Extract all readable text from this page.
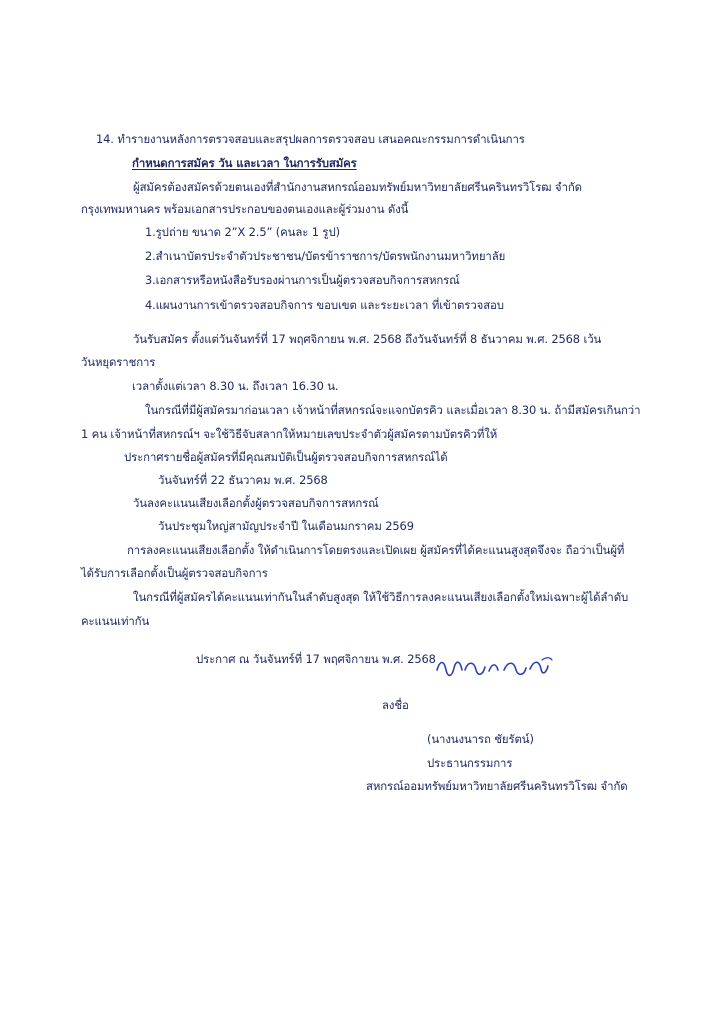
14. ทำรายงานหลังการตรวจสอบและสรุปผลการตรวจสอบ เสนอคณะกรรมการดำเนินการ
กำหนดการสมัคร วัน และเวลา ในการรับสมัคร
ผู้สมัครต้องสมัครด้วยตนเองที่สำนักงานสหกรณ์ออมทรัพย์มหาวิทยาลัยศรีนครินทรวิโรฒ จำกัด
กรุงเทพมหานคร พร้อมเอกสารประกอบของตนเองและผู้ร่วมงาน ดังนี้
1.รูปถ่าย ขนาด 2”X 2.5” (คนละ 1 รูป)
2.สำเนาบัตรประจำตัวประชาชน/บัตรข้าราชการ/บัตรพนักงานมหาวิทยาลัย
3.เอกสารหรือหนังสือรับรองผ่านการเป็นผู้ตรวจสอบกิจการสหกรณ์
4.แผนงานการเข้าตรวจสอบกิจการ ขอบเขต และระยะเวลา ที่เข้าตรวจสอบ
วันรับสมัคร ตั้งแต่วันจันทร์ที่ 17 พฤศจิกายน พ.ศ. 2568 ถึงวันจันทร์ที่ 8 ธันวาคม พ.ศ. 2568 เว้น
วันหยุดราชการ
เวลาตั้งแต่เวลา 8.30 น. ถึงเวลา 16.30 น.
ในกรณีที่มีผู้สมัครมาก่อนเวลา เจ้าหน้าที่สหกรณ์จะแจกบัตรคิว และเมื่อเวลา 8.30 น. ถ้ามีสมัครเกินกว่า
1 คน เจ้าหน้าที่สหกรณ์ฯ จะใช้วิธีจับสลากให้หมายเลขประจำตัวผู้สมัครตามบัตรคิวที่ให้
ประกาศรายชื่อผู้สมัครที่มีคุณสมบัติเป็นผู้ตรวจสอบกิจการสหกรณ์ได้
วันจันทร์ที่ 22 ธันวาคม พ.ศ. 2568
วันลงคะแนนเสียงเลือกตั้งผู้ตรวจสอบกิจการสหกรณ์
วันประชุมใหญ่สามัญประจำปี ในเดือนมกราคม 2569
การลงคะแนนเสียงเลือกตั้ง ให้ดำเนินการโดยตรงและเปิดเผย ผู้สมัครที่ได้คะแนนสูงสุดจึงจะ ถือว่าเป็นผู้ที่
ได้รับการเลือกตั้งเป็นผู้ตรวจสอบกิจการ
ในกรณีที่ผู้สมัครได้คะแนนเท่ากันในลำดับสูงสุด ให้ใช้วิธีการลงคะแนนเสียงเลือกตั้งใหม่เฉพาะผู้ได้ลำดับ
คะแนนเท่ากัน
ประกาศ ณ วันจันทร์ที่ 17 พฤศจิกายน พ.ศ. 2568
ลงชื่อ
(นางนงนารถ ชัยรัตน์)
ประธานกรรมการ
สหกรณ์ออมทรัพย์มหาวิทยาลัยศรีนครินทรวิโรฒ จำกัด
